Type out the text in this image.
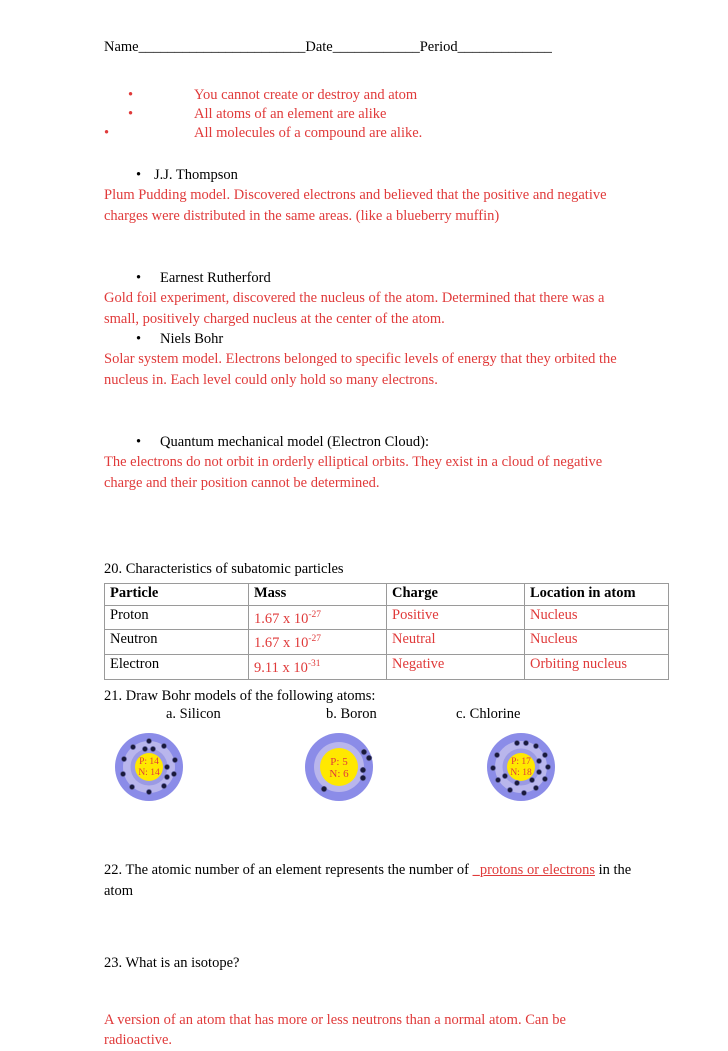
Name_______________________Date____________Period_____________
•	You cannot create or destroy and atom
•	All atoms of an element are alike
•	All molecules of a compound are alike.
• J.J. Thompson
Plum Pudding model. Discovered electrons and believed that the positive and negative charges were distributed in the same areas. (like a blueberry muffin)
•	Earnest Rutherford
Gold foil experiment, discovered the nucleus of the atom. Determined that there was a small, positively charged nucleus at the center of the atom.
•	Niels Bohr
Solar system model. Electrons belonged to specific levels of energy that they orbited the nucleus in. Each level could only hold so many electrons.
•	Quantum mechanical model (Electron Cloud):
The electrons do not orbit in orderly elliptical orbits. They exist in a cloud of negative charge and their position cannot be determined.
20. Characteristics of subatomic particles
Particle	Mass	Charge	Location in atom
Proton	1.67 x $10^{-27}$	Positive	Nucleus
Neutron	1.67 x $10^{-27}$	Neutral	Nucleus
Electron	9.11 x $10^{-31}$	Negative	Orbiting nucleus
21. Draw Bohr models of the following atoms:
a. Silicon	b. Boron	c. Chlorine
P: 14
N: 14
P: 5
N: 6
P: 17
N: 18
22. The atomic number of an element represents the number of _protons or electrons in the atom
23. What is an isotope?
A version of an atom that has more or less neutrons than a normal atom. Can be radioactive.
